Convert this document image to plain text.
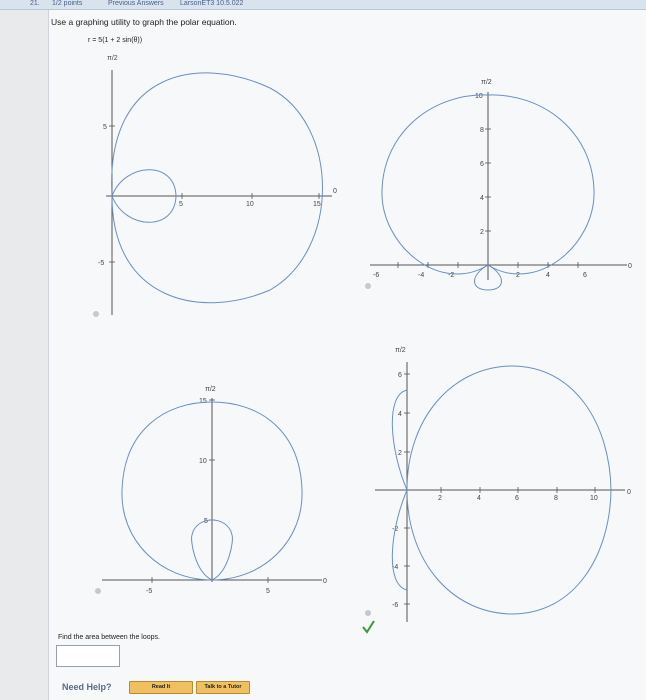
21. 1/2 points	Previous Answers LarsonET3 10.5.022
Use a graphing utility to graph the polar equation.
r = 5(1 + 2 sin(θ))
π/2
0
5	10	15
5
-5
π/2
0
-6	-4	-2	2	4	6
10
8
6
4
2
π/2
0
-5	5
15
10
5
π/2
0
2	4	6	8	10
6
4
2
-2
-4
-6
Find the area between the loops.
Need Help?	Read It	Talk to a Tutor
